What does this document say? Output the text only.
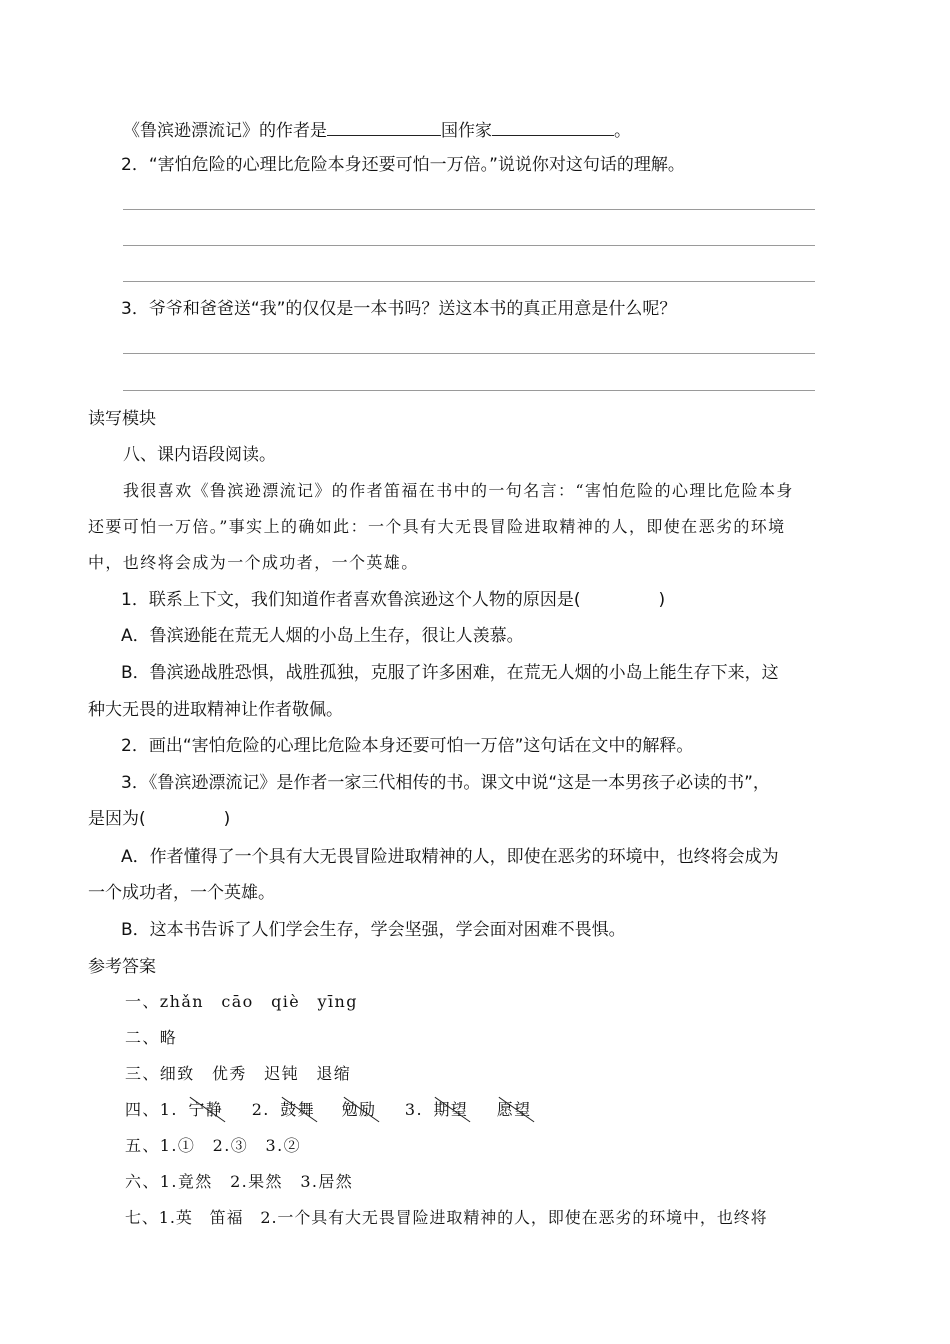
《鲁滨逊漂流记》的作者是	国作家	。
2．“害怕危险的心理比危险本身还要可怕一万倍。”说说你对这句话的理解。
3．爷爷和爸爸送“我”的仅仅是一本书吗？送这本书的真正用意是什么呢？
读写模块
八、课内语段阅读。
我很喜欢《鲁滨逊漂流记》的作者笛福在书中的一句名言：“害怕危险的心理比危险本身
还要可怕一万倍。”事实上的确如此：一个具有大无畏冒险进取精神的人，即使在恶劣的环境
中，也终将会成为一个成功者，一个英雄。
1．联系上下文，我们知道作者喜欢鲁滨逊这个人物的原因是(	)
A．鲁滨逊能在荒无人烟的小岛上生存，很让人羡慕。
B．鲁滨逊战胜恐惧，战胜孤独，克服了许多困难，在荒无人烟的小岛上能生存下来，这
种大无畏的进取精神让作者敬佩。
2．画出“害怕危险的心理比危险本身还要可怕一万倍”这句话在文中的解释。
3．《鲁滨逊漂流记》是作者一家三代相传的书。课文中说“这是一本男孩子必读的书”，
是因为(	)
A．作者懂得了一个具有大无畏冒险进取精神的人，即使在恶劣的环境中，也终将会成为
一个成功者，一个英雄。
B．这本书告诉了人们学会生存，学会坚强，学会面对困难不畏惧。
参考答案
一、zhǎn　cāo　qiè　yīng
二、略
三、细致　优秀　迟钝　退缩
四、1. 宁静 2. 鼓舞 勉励 3. 期望 愿望
五、1.①　2.③　3.②
六、1.竟然　2.果然　3.居然
七、1.英　笛福　2.一个具有大无畏冒险进取精神的人，即使在恶劣的环境中，也终将
